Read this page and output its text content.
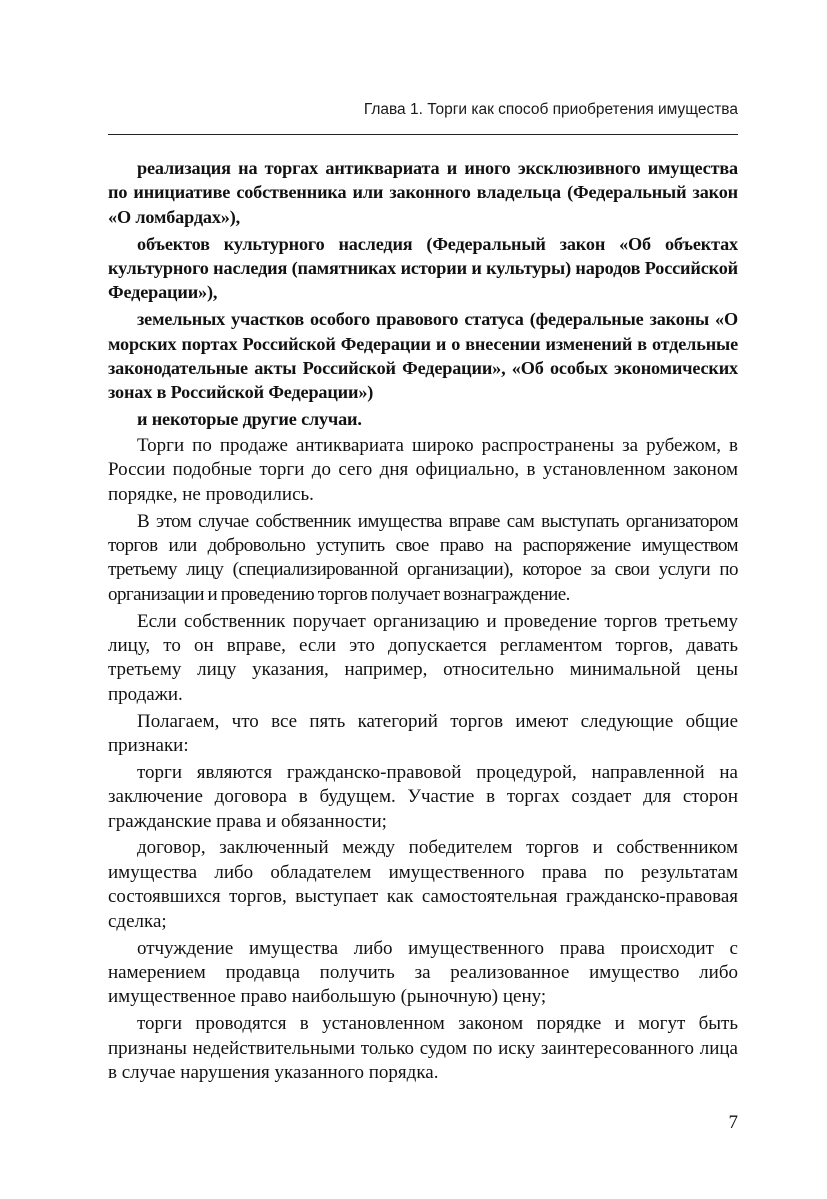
Глава 1. Торги как способ приобретения имущества

реализация на торгах антиквариата и иного эксклюзивного имущества по инициативе собственника или законного владельца (Федеральный закон «О ломбардах»),

объектов культурного наследия (Федеральный закон «Об объектах культурного наследия (памятниках истории и культуры) народов Российской Федерации»),

земельных участков особого правового статуса (федеральные законы «О морских портах Российской Федерации и о внесении изменений в отдельные законодательные акты Российской Федерации», «Об особых экономических зонах в Российской Федерации»)

и некоторые другие случаи.

Торги по продаже антиквариата широко распространены за рубежом, в России подобные торги до сего дня официально, в установленном законом порядке, не проводились.

В этом случае собственник имущества вправе сам выступать организатором торгов или добровольно уступить свое право на распоряжение имуществом третьему лицу (специализированной организации), которое за свои услуги по организации и проведению торгов получает вознаграждение.

Если собственник поручает организацию и проведение торгов третьему лицу, то он вправе, если это допускается регламентом торгов, давать третьему лицу указания, например, относительно минимальной цены продажи.

Полагаем, что все пять категорий торгов имеют следующие общие признаки:

торги являются гражданско-правовой процедурой, направленной на заключение договора в будущем. Участие в торгах создает для сторон гражданские права и обязанности;

договор, заключенный между победителем торгов и собственником имущества либо обладателем имущественного права по результатам состоявшихся торгов, выступает как самостоятельная гражданско-правовая сделка;

отчуждение имущества либо имущественного права происходит с намерением продавца получить за реализованное имущество либо имущественное право наибольшую (рыночную) цену;

торги проводятся в установленном законом порядке и могут быть признаны недействительными только судом по иску заинтересованного лица в случае нарушения указанного порядка.

7
